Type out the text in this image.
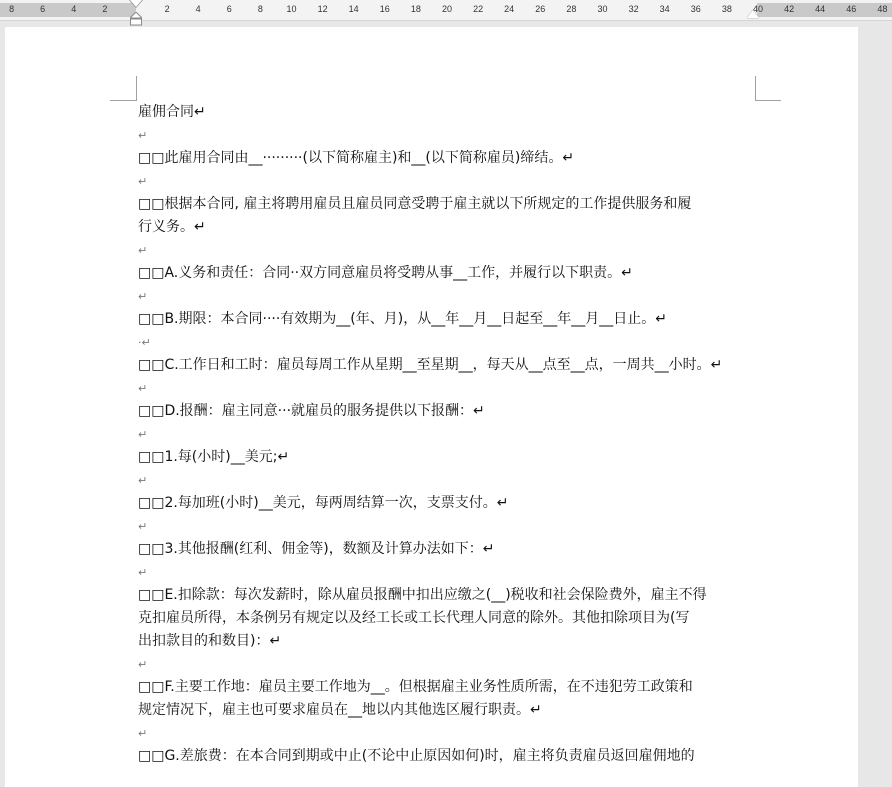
8	6	4	2	2	4	6	8	10 12 14 16 18 20 22 24 26 28 30 32 34 36 38 40 42 44 46 48
雇佣合同↵
↵
□□此雇用合同由__·········(以下简称雇主)和__(以下简称雇员)缔结。↵
↵
□□根据本合同, 雇主将聘用雇员且雇员同意受聘于雇主就以下所规定的工作提供服务和履
行义务。↵
↵
□□A.义务和责任：合同··双方同意雇员将受聘从事__工作，并履行以下职责。↵
↵
□□B.期限：本合同····有效期为__(年、月)，从__年__月__日起至__年__月__日止。↵
·↵
□□C.工作日和工时：雇员每周工作从星期__至星期__，每天从__点至__点，一周共__小时。↵
↵
□□D.报酬：雇主同意···就雇员的服务提供以下报酬：↵
↵
□□1.每(小时)__美元;↵
↵
□□2.每加班(小时)__美元，每两周结算一次，支票支付。↵
↵
□□3.其他报酬(红利、佣金等)，数额及计算办法如下：↵
↵
□□E.扣除款：每次发薪时，除从雇员报酬中扣出应缴之(__)税收和社会保险费外，雇主不得
克扣雇员所得，本条例另有规定以及经工长或工长代理人同意的除外。其他扣除项目为(写
出扣款目的和数目)：↵
↵
□□F.主要工作地：雇员主要工作地为__。但根据雇主业务性质所需，在不违犯劳工政策和
规定情况下，雇主也可要求雇员在__地以内其他选区履行职责。↵
↵
□□G.差旅费：在本合同到期或中止(不论中止原因如何)时，雇主将负责雇员返回雇佣地的
